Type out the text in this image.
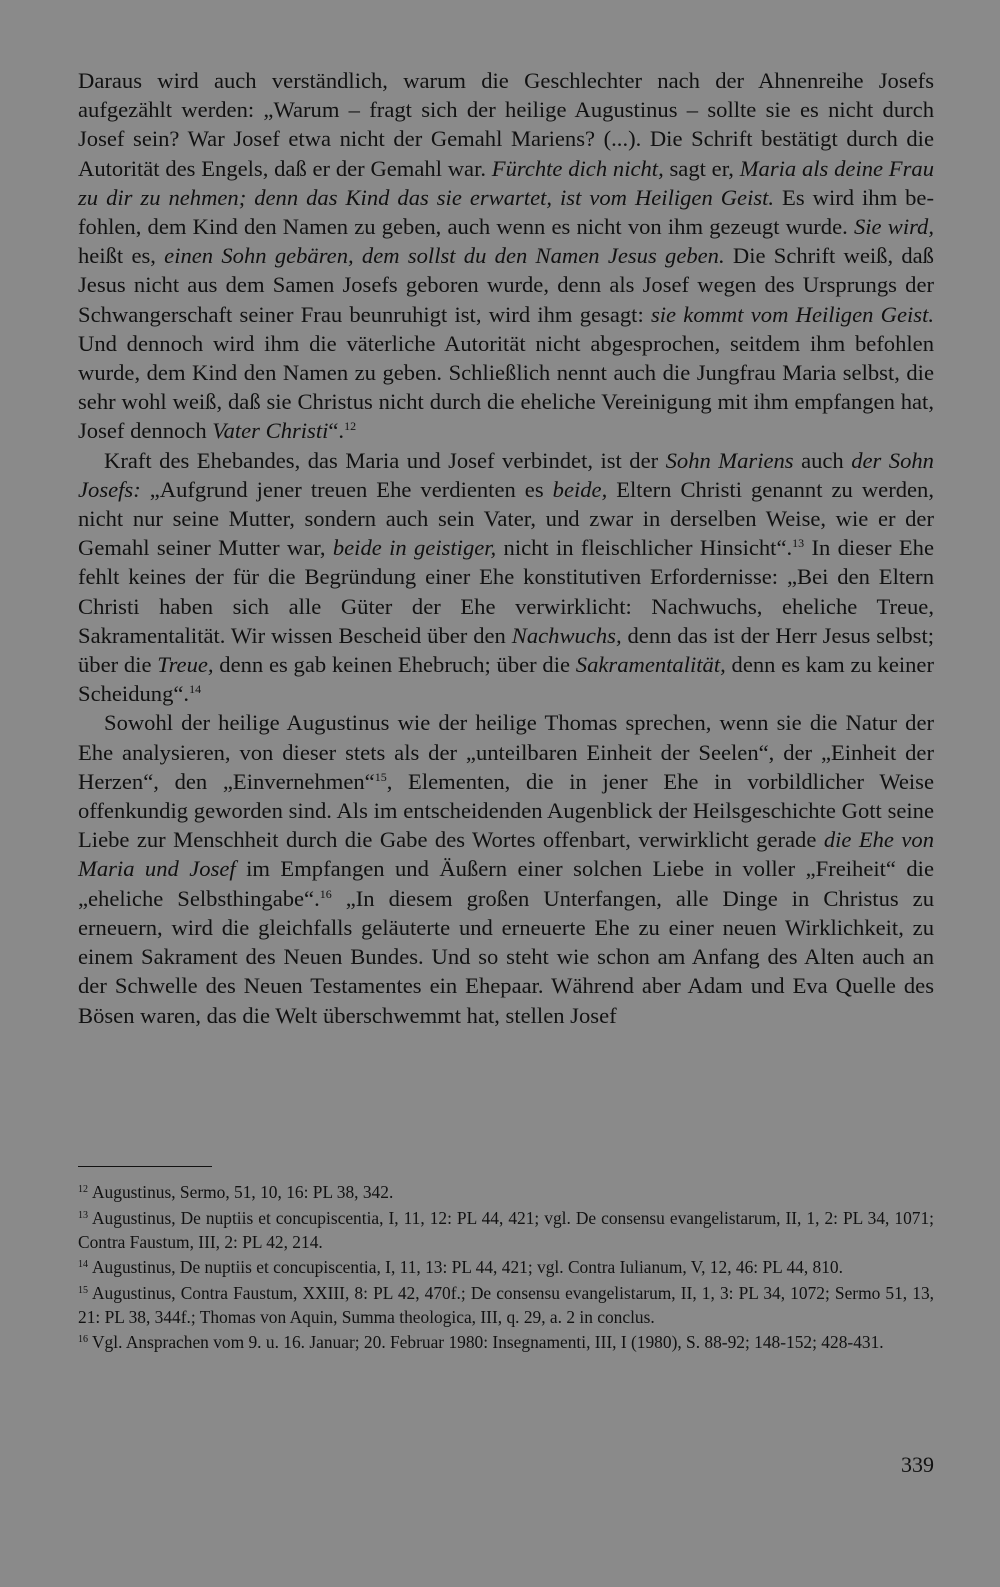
Daraus wird auch verständlich, warum die Geschlechter nach der Ahnenreihe Josefs aufgezählt werden: „Warum – fragt sich der heilige Augustinus – sollte sie es nicht durch Josef sein? War Josef etwa nicht der Gemahl Mariens? (...). Die Schrift bestätigt durch die Autorität des Engels, daß er der Gemahl war. Fürchte dich nicht, sagt er, Maria als deine Frau zu dir zu nehmen; denn das Kind das sie erwartet, ist vom Heiligen Geist. Es wird ihm befohlen, dem Kind den Namen zu geben, auch wenn es nicht von ihm gezeugt wurde. Sie wird, heißt es, einen Sohn gebären, dem sollst du den Namen Jesus geben. Die Schrift weiß, daß Jesus nicht aus dem Samen Josefs geboren wurde, denn als Josef wegen des Ursprungs der Schwangerschaft seiner Frau beunruhigt ist, wird ihm gesagt: sie kommt vom Heiligen Geist. Und dennoch wird ihm die väterliche Autorität nicht abgesprochen, seitdem ihm befohlen wurde, dem Kind den Namen zu geben. Schließlich nennt auch die Jungfrau Maria selbst, die sehr wohl weiß, daß sie Christus nicht durch die eheliche Vereinigung mit ihm empfangen hat, Josef dennoch Vater Christi“.$^{12}$

Kraft des Ehebandes, das Maria und Josef verbindet, ist der Sohn Mariens auch der Sohn Josefs: „Aufgrund jener treuen Ehe verdienten es beide, Eltern Christi genannt zu werden, nicht nur seine Mutter, sondern auch sein Vater, und zwar in derselben Weise, wie er der Gemahl seiner Mutter war, beide in geistiger, nicht in fleischlicher Hinsicht“.$^{13}$ In dieser Ehe fehlt keines der für die Begründung einer Ehe konstitutiven Erfordernisse: „Bei den Eltern Christi haben sich alle Güter der Ehe verwirklicht: Nachwuchs, eheliche Treue, Sakramentalität. Wir wissen Bescheid über den Nachwuchs, denn das ist der Herr Jesus selbst; über die Treue, denn es gab keinen Ehebruch; über die Sakramentalität, denn es kam zu keiner Scheidung“.$^{14}$

Sowohl der heilige Augustinus wie der heilige Thomas sprechen, wenn sie die Natur der Ehe analysieren, von dieser stets als der „unteilbaren Einheit der Seelen“, der „Einheit der Herzen“, den „Einvernehmen“$^{15}$, Elementen, die in jener Ehe in vorbildlicher Weise offenkundig geworden sind. Als im entscheidenden Augenblick der Heilsgeschichte Gott seine Liebe zur Menschheit durch die Gabe des Wortes offenbart, verwirklicht gerade die Ehe von Maria und Josef im Empfangen und Äußern einer solchen Liebe in voller „Freiheit“ die „eheliche Selbsthingabe“.$^{16}$ „In diesem großen Unterfangen, alle Dinge in Christus zu erneuern, wird die gleichfalls geläuterte und erneuerte Ehe zu einer neuen Wirklichkeit, zu einem Sakrament des Neuen Bundes. Und so steht wie schon am Anfang des Alten auch an der Schwelle des Neuen Testamentes ein Ehepaar. Während aber Adam und Eva Quelle des Bösen waren, das die Welt überschwemmt hat, stellen Josef

$^{12}$ Augustinus, Sermo, 51, 10, 16: PL 38, 342.

$^{13}$ Augustinus, De nuptiis et concupiscentia, I, 11, 12: PL 44, 421; vgl. De consensu evangelistarum, II, 1, 2: PL 34, 1071; Contra Faustum, III, 2: PL 42, 214.

$^{14}$ Augustinus, De nuptiis et concupiscentia, I, 11, 13: PL 44, 421; vgl. Contra Iulianum, V, 12, 46: PL 44, 810.

$^{15}$ Augustinus, Contra Faustum, XXIII, 8: PL 42, 470f.; De consensu evangelistarum, II, 1, 3: PL 34, 1072; Sermo 51, 13, 21: PL 38, 344f.; Thomas von Aquin, Summa theologica, III, q. 29, a. 2 in conclus.

$^{16}$ Vgl. Ansprachen vom 9. u. 16. Januar; 20. Februar 1980: Insegnamenti, III, I (1980), S. 88-92; 148-152; 428-431.

339
